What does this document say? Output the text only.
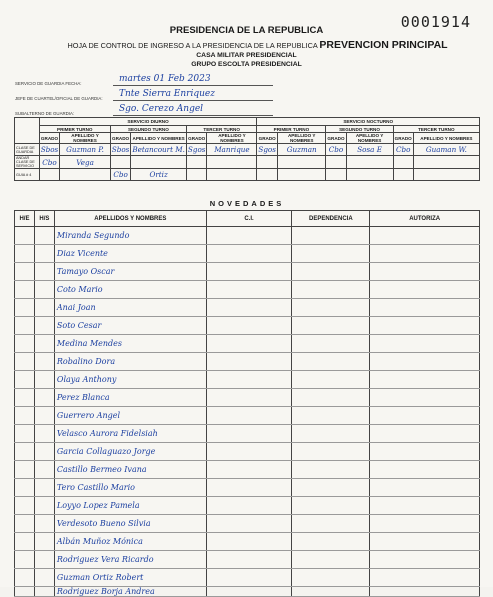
0001914
PRESIDENCIA DE LA REPUBLICA
HOJA DE CONTROL DE INGRESO A LA PRESIDENCIA DE LA REPUBLICA PREVENCION PRINCIPAL
CASA MILITAR PRESIDENCIAL
GRUPO ESCOLTA PRESIDENCIAL
SERVICIO DE GUARDIA FECHA:	martes 01 Feb 2023
JEFE DE CUARTEL/OFICIAL DE GUARDIA: Tnte Sierra Enriquez
SUBALTERNO DE GUARDIA:	Sgo. Cerezo Angel
	SERVICIO DIURNO						SERVICIO NOCTURNO					
	PRIMER TURNO		SEGUNDO TURNO		TERCER TURNO		PRIMER TURNO		SEGUNDO TURNO		TERCER TURNO	
	GRADO	APELLIDO Y NOMBRES	GRADO	APELLIDO Y NOMBRES	GRADO	APELLIDO Y NOMBRES	GRADO	APELLIDO Y NOMBRES	GRADO	APELLIDO Y NOMBRES	GRADO	APELLIDO Y NOMBRES
CLASE DE GUARDIA	Sbos	Guzman P.	Sbos	Betancourt M.	Sgos	Manrique	Sgos	Guzman	Cbo	Sosa E	Cbo	Guaman W.
ANDAR CLASE DE SERVICIO	Cbo	Vega										
GUIA # 4			Cbo	Ortiz								
NOVEDADES
H/E	H/S	APELLIDOS Y NOMBRES	C.I.	DEPENDENCIA	AUTORIZA
		Miranda Segundo			
		Diaz Vicente			
		Tamayo Oscar			
		Coto Mario			
		Anai Joan			
		Soto Cesar			
		Medina Mendes			
		Robalino Dora			
		Olaya Anthony			
		Perez Blanca			
		Guerrero Angel			
		Velasco Aurora Fidelsiah			
		Garcia Collaguazo Jorge			
		Castillo Bermeo Ivana			
		Tero Castillo Mario			
		Loyyo Lopez Pamela			
		Verdesoto Bueno Silvia			
		Albán Muñoz Mónica			
		Rodriguez Vera Ricardo			
		Guzman Ortiz Robert			
		Rodriguez Borja Andrea			
